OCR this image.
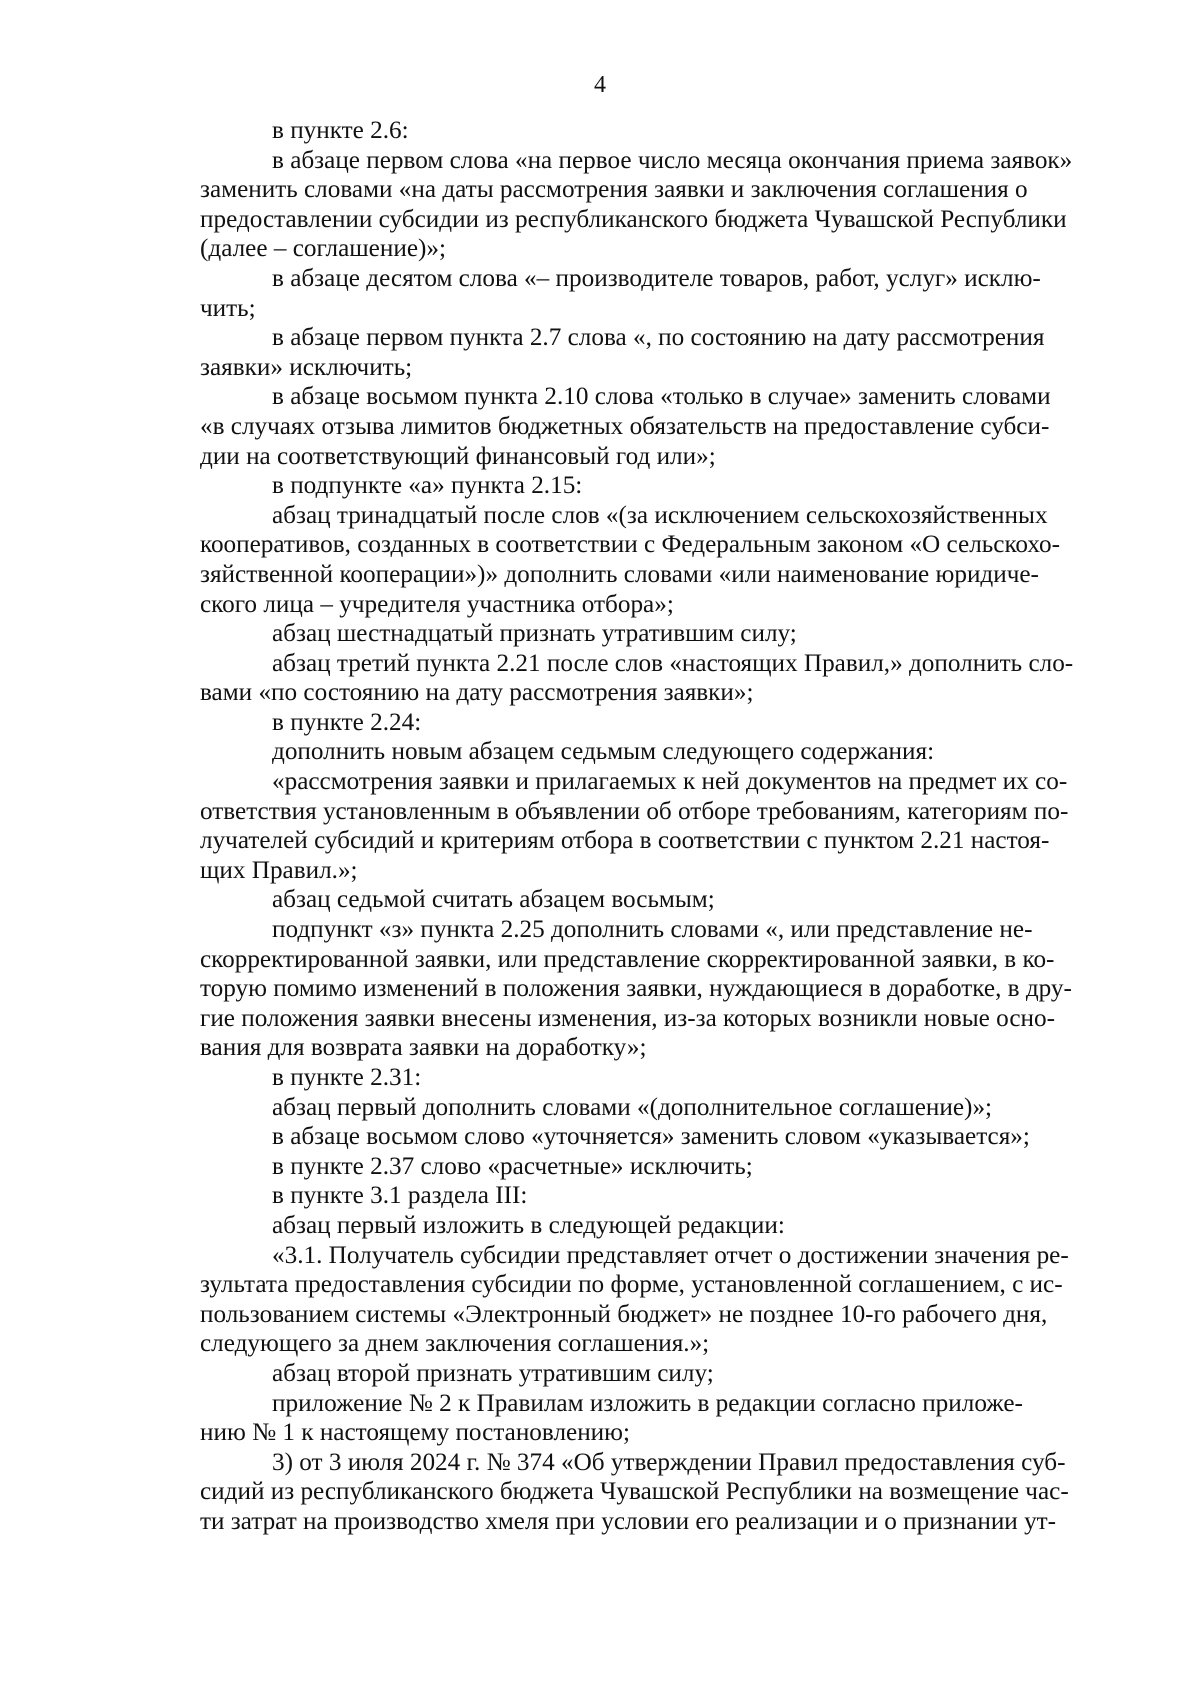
4

в пункте 2.6:

в абзаце первом слова «на первое число месяца окончания приема заявок»
заменить словами «на даты рассмотрения заявки и заключения соглашения о
предоставлении субсидии из республиканского бюджета Чувашской Республики
(далее – соглашение)»;

в абзаце десятом слова «– производителе товаров, работ, услуг» исклю-
чить;

в абзаце первом пункта 2.7 слова «, по состоянию на дату рассмотрения
заявки» исключить;

в абзаце восьмом пункта 2.10 слова «только в случае» заменить словами
«в случаях отзыва лимитов бюджетных обязательств на предоставление субси-
дии на соответствующий финансовый год или»;

в подпункте «а» пункта 2.15:

абзац тринадцатый после слов «(за исключением сельскохозяйственных
кооперативов, созданных в соответствии с Федеральным законом «О сельскохо-
зяйственной кооперации»)» дополнить словами «или наименование юридиче-
ского лица – учредителя участника отбора»;

абзац шестнадцатый признать утратившим силу;

абзац третий пункта 2.21 после слов «настоящих Правил,» дополнить сло-
вами «по состоянию на дату рассмотрения заявки»;

в пункте 2.24:

дополнить новым абзацем седьмым следующего содержания:

«рассмотрения заявки и прилагаемых к ней документов на предмет их со-
ответствия установленным в объявлении об отборе требованиям, категориям по-
лучателей субсидий и критериям отбора в соответствии с пунктом 2.21 настоя-
щих Правил.»;

абзац седьмой считать абзацем восьмым;

подпункт «з» пункта 2.25 дополнить словами «, или представление не-
скорректированной заявки, или представление скорректированной заявки, в ко-
торую помимо изменений в положения заявки, нуждающиеся в доработке, в дру-
гие положения заявки внесены изменения, из-за которых возникли новые осно-
вания для возврата заявки на доработку»;

в пункте 2.31:

абзац первый дополнить словами «(дополнительное соглашение)»;

в абзаце восьмом слово «уточняется» заменить словом «указывается»;

в пункте 2.37 слово «расчетные» исключить;

в пункте 3.1 раздела III:

абзац первый изложить в следующей редакции:

«3.1. Получатель субсидии представляет отчет о достижении значения ре-
зультата предоставления субсидии по форме, установленной соглашением, с ис-
пользованием системы «Электронный бюджет» не позднее 10-го рабочего дня,
следующего за днем заключения соглашения.»;

абзац второй признать утратившим силу;

приложение № 2 к Правилам изложить в редакции согласно приложе-
нию № 1 к настоящему постановлению;

3) от 3 июля 2024 г. № 374 «Об утверждении Правил предоставления суб-
сидий из республиканского бюджета Чувашской Республики на возмещение час-
ти затрат на производство хмеля при условии его реализации и о признании ут-
